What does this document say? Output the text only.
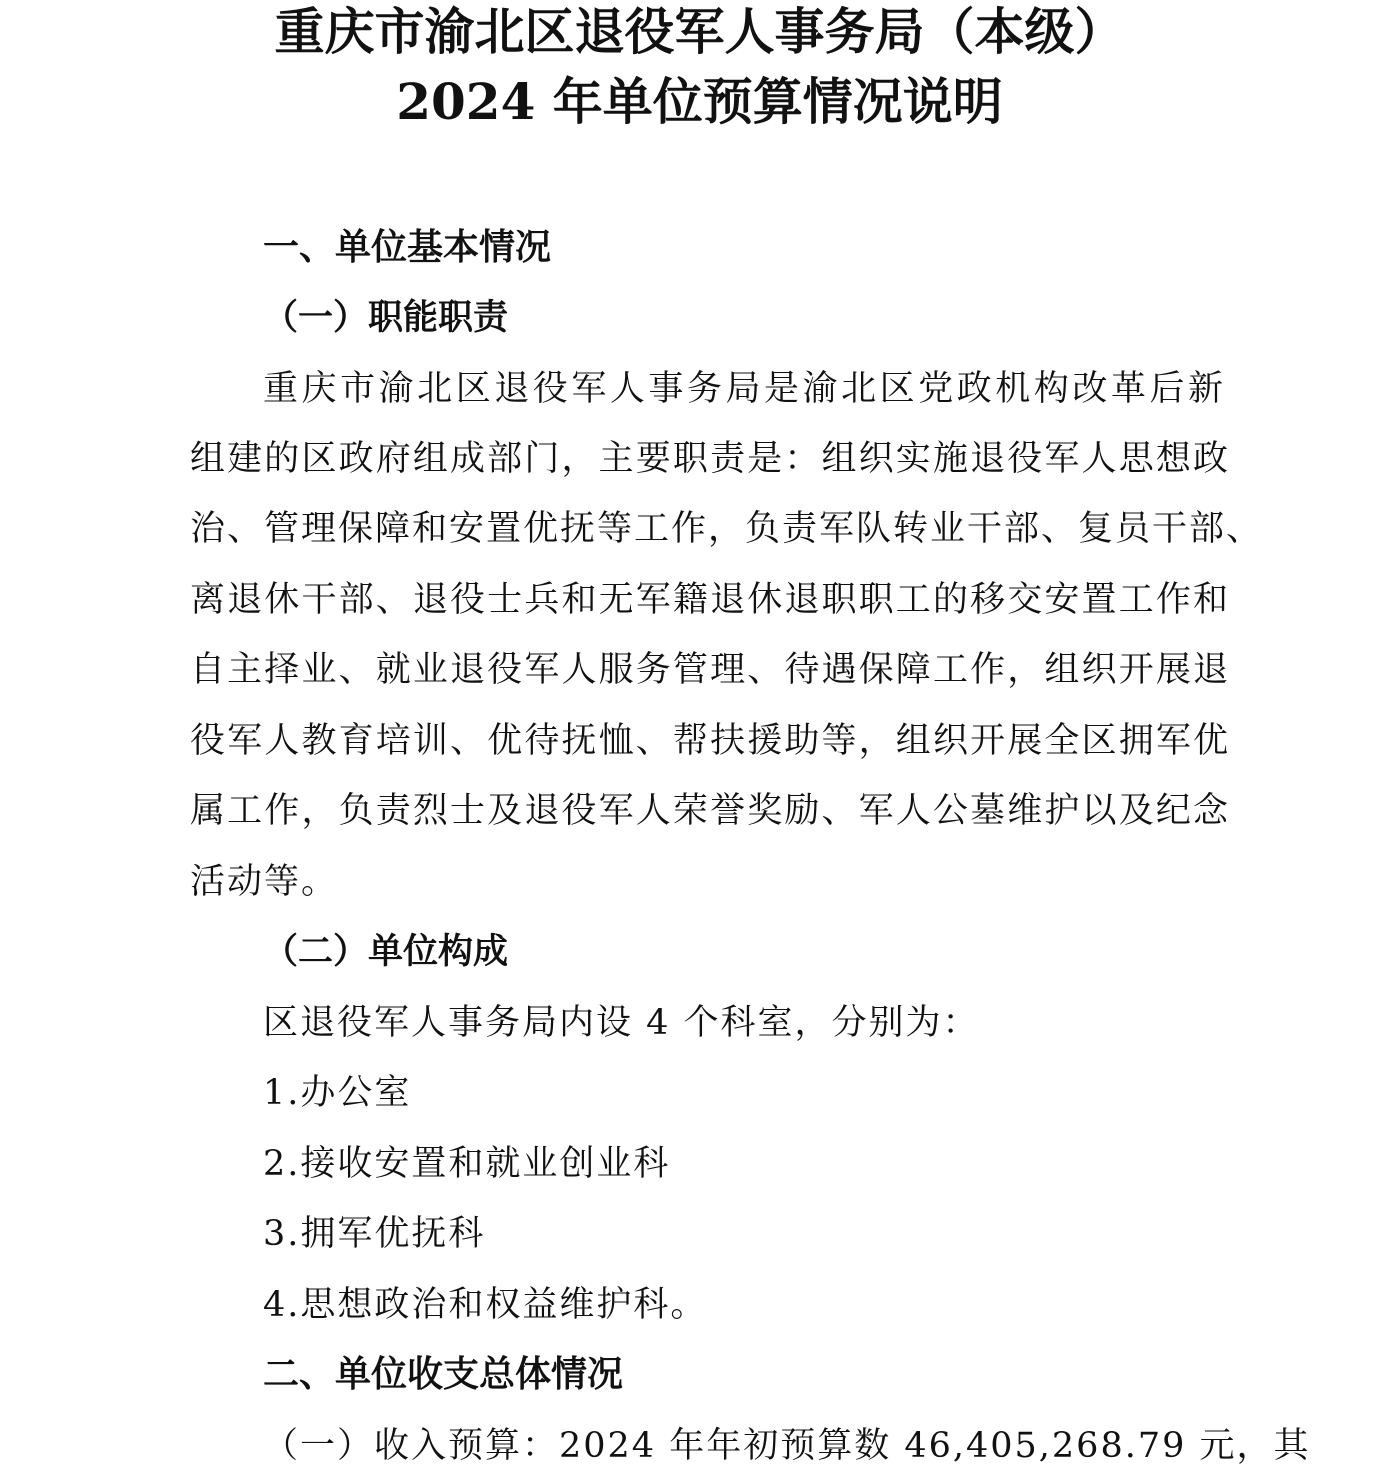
重庆市渝北区退役军人事务局（本级）
2024 年单位预算情况说明
一、单位基本情况
（一）职能职责
重庆市渝北区退役军人事务局是渝北区党政机构改革后新
组建的区政府组成部门，主要职责是：组织实施退役军人思想政
治、管理保障和安置优抚等工作，负责军队转业干部、复员干部、
离退休干部、退役士兵和无军籍退休退职职工的移交安置工作和
自主择业、就业退役军人服务管理、待遇保障工作，组织开展退
役军人教育培训、优待抚恤、帮扶援助等，组织开展全区拥军优
属工作，负责烈士及退役军人荣誉奖励、军人公墓维护以及纪念
活动等。
（二）单位构成
区退役军人事务局内设 4 个科室，分别为：
1.办公室
2.接收安置和就业创业科
3.拥军优抚科
4.思想政治和权益维护科。
二、单位收支总体情况
（一）收入预算：2024 年年初预算数 46,405,268.79 元，其
